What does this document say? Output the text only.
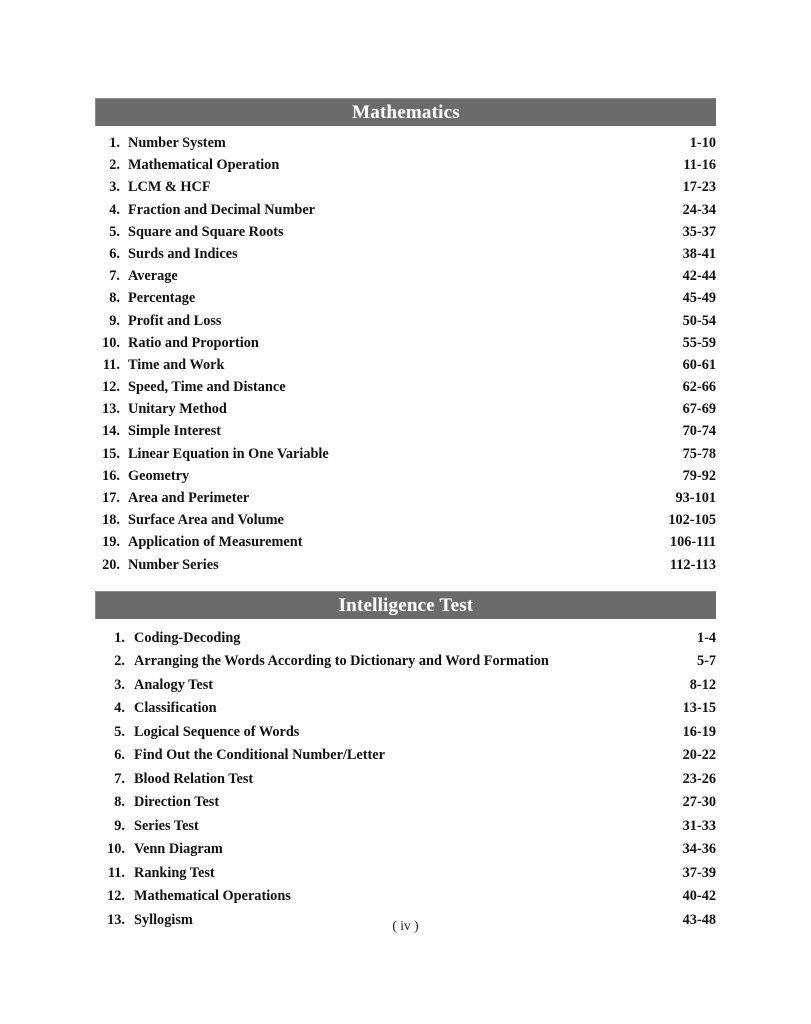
Mathematics
1. Number System	1-10
2. Mathematical Operation	11-16
3. LCM & HCF	17-23
4. Fraction and Decimal Number	24-34
5. Square and Square Roots	35-37
6. Surds and Indices	38-41
7. Average	42-44
8. Percentage	45-49
9. Profit and Loss	50-54
10. Ratio and Proportion	55-59
11. Time and Work	60-61
12. Speed, Time and Distance	62-66
13. Unitary Method	67-69
14. Simple Interest	70-74
15. Linear Equation in One Variable	75-78
16. Geometry	79-92
17. Area and Perimeter	93-101
18. Surface Area and Volume	102-105
19. Application of Measurement	106-111
20. Number Series	112-113
Intelligence Test
1. Coding-Decoding	1-4
2. Arranging the Words According to Dictionary and Word Formation	5-7
3. Analogy Test	8-12
4. Classification	13-15
5. Logical Sequence of Words	16-19
6. Find Out the Conditional Number/Letter	20-22
7. Blood Relation Test	23-26
8. Direction Test	27-30
9. Series Test	31-33
10. Venn Diagram	34-36
11. Ranking Test	37-39
12. Mathematical Operations	40-42
13. Syllogism	43-48
( iv )
